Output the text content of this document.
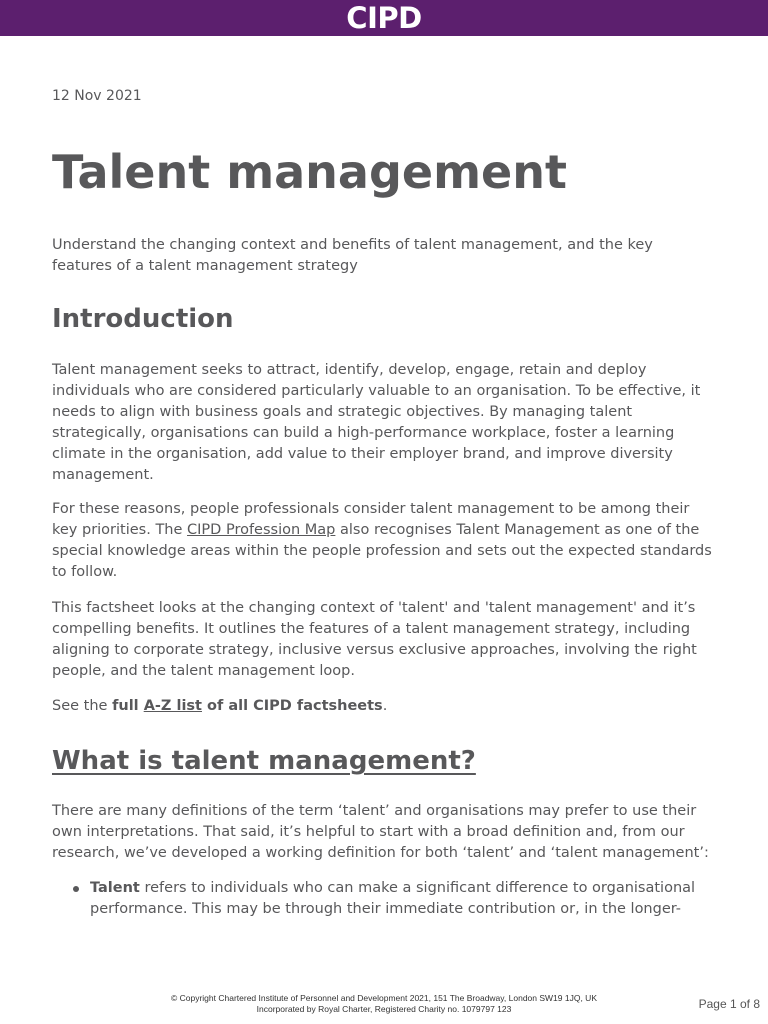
CIPD
12 Nov 2021
Talent management

Understand the changing context and benefits of talent management, and the key features of a talent management strategy

Introduction

Talent management seeks to attract, identify, develop, engage, retain and deploy individuals who are considered particularly valuable to an organisation. To be effective, it needs to align with business goals and strategic objectives. By managing talent strategically, organisations can build a high-performance workplace, foster a learning climate in the organisation, add value to their employer brand, and improve diversity management.

For these reasons, people professionals consider talent management to be among their key priorities. The CIPD Profession Map also recognises Talent Management as one of the special knowledge areas within the people profession and sets out the expected standards to follow.

This factsheet looks at the changing context of 'talent' and 'talent management' and it’s compelling benefits. It outlines the features of a talent management strategy, including aligning to corporate strategy, inclusive versus exclusive approaches, involving the right people, and the talent management loop.

See the full A-Z list of all CIPD factsheets.

What is talent management?

There are many definitions of the term ‘talent’ and organisations may prefer to use their own interpretations. That said, it’s helpful to start with a broad definition and, from our research, we’ve developed a working definition for both ‘talent’ and ‘talent management’:

Talent refers to individuals who can make a significant difference to organisational performance. This may be through their immediate contribution or, in the longer-
© Copyright Chartered Institute of Personnel and Development 2021, 151 The Broadway, London SW19 1JQ, UK
Incorporated by Royal Charter, Registered Charity no. 1079797 123	Page 1 of 8
